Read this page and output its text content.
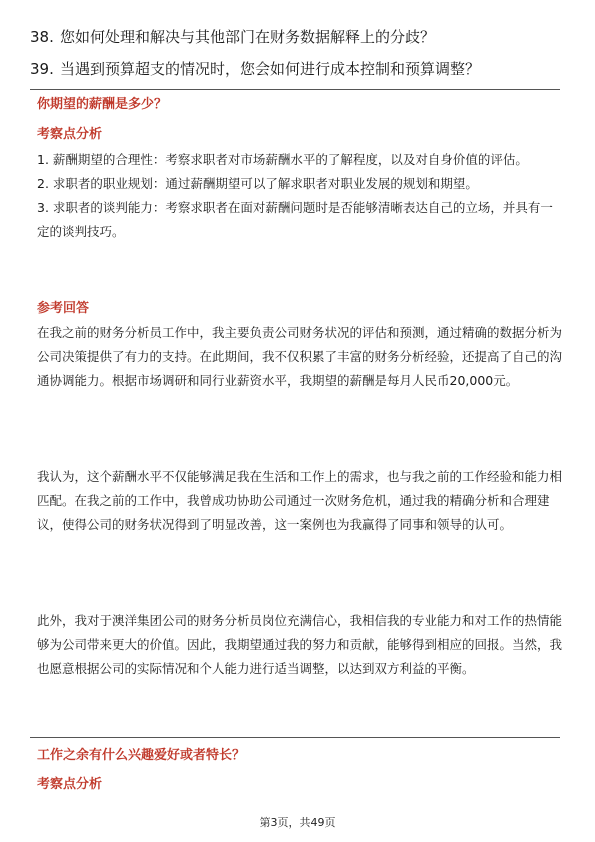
38. 您如何处理和解决与其他部门在财务数据解释上的分歧？
39. 当遇到预算超支的情况时，您会如何进行成本控制和预算调整？
你期望的薪酬是多少？
考察点分析

1. 薪酬期望的合理性：考察求职者对市场薪酬水平的了解程度，以及对自身价值的评估。

2. 求职者的职业规划：通过薪酬期望可以了解求职者对职业发展的规划和期望。

3. 求职者的谈判能力：考察求职者在面对薪酬问题时是否能够清晰表达自己的立场，并具有一定的谈判技巧。

参考回答

在我之前的财务分析员工作中，我主要负责公司财务状况的评估和预测，通过精确的数据分析为公司决策提供了有力的支持。在此期间，我不仅积累了丰富的财务分析经验，还提高了自己的沟通协调能力。根据市场调研和同行业薪资水平，我期望的薪酬是每月人民币20,000元。

我认为，这个薪酬水平不仅能够满足我在生活和工作上的需求，也与我之前的工作经验和能力相匹配。在我之前的工作中，我曾成功协助公司通过一次财务危机，通过我的精确分析和合理建议，使得公司的财务状况得到了明显改善，这一案例也为我赢得了同事和领导的认可。

此外，我对于澳洋集团公司的财务分析员岗位充满信心，我相信我的专业能力和对工作的热情能够为公司带来更大的价值。因此，我期望通过我的努力和贡献，能够得到相应的回报。当然，我也愿意根据公司的实际情况和个人能力进行适当调整，以达到双方利益的平衡。

工作之余有什么兴趣爱好或者特长？
考察点分析
第3页，共49页
